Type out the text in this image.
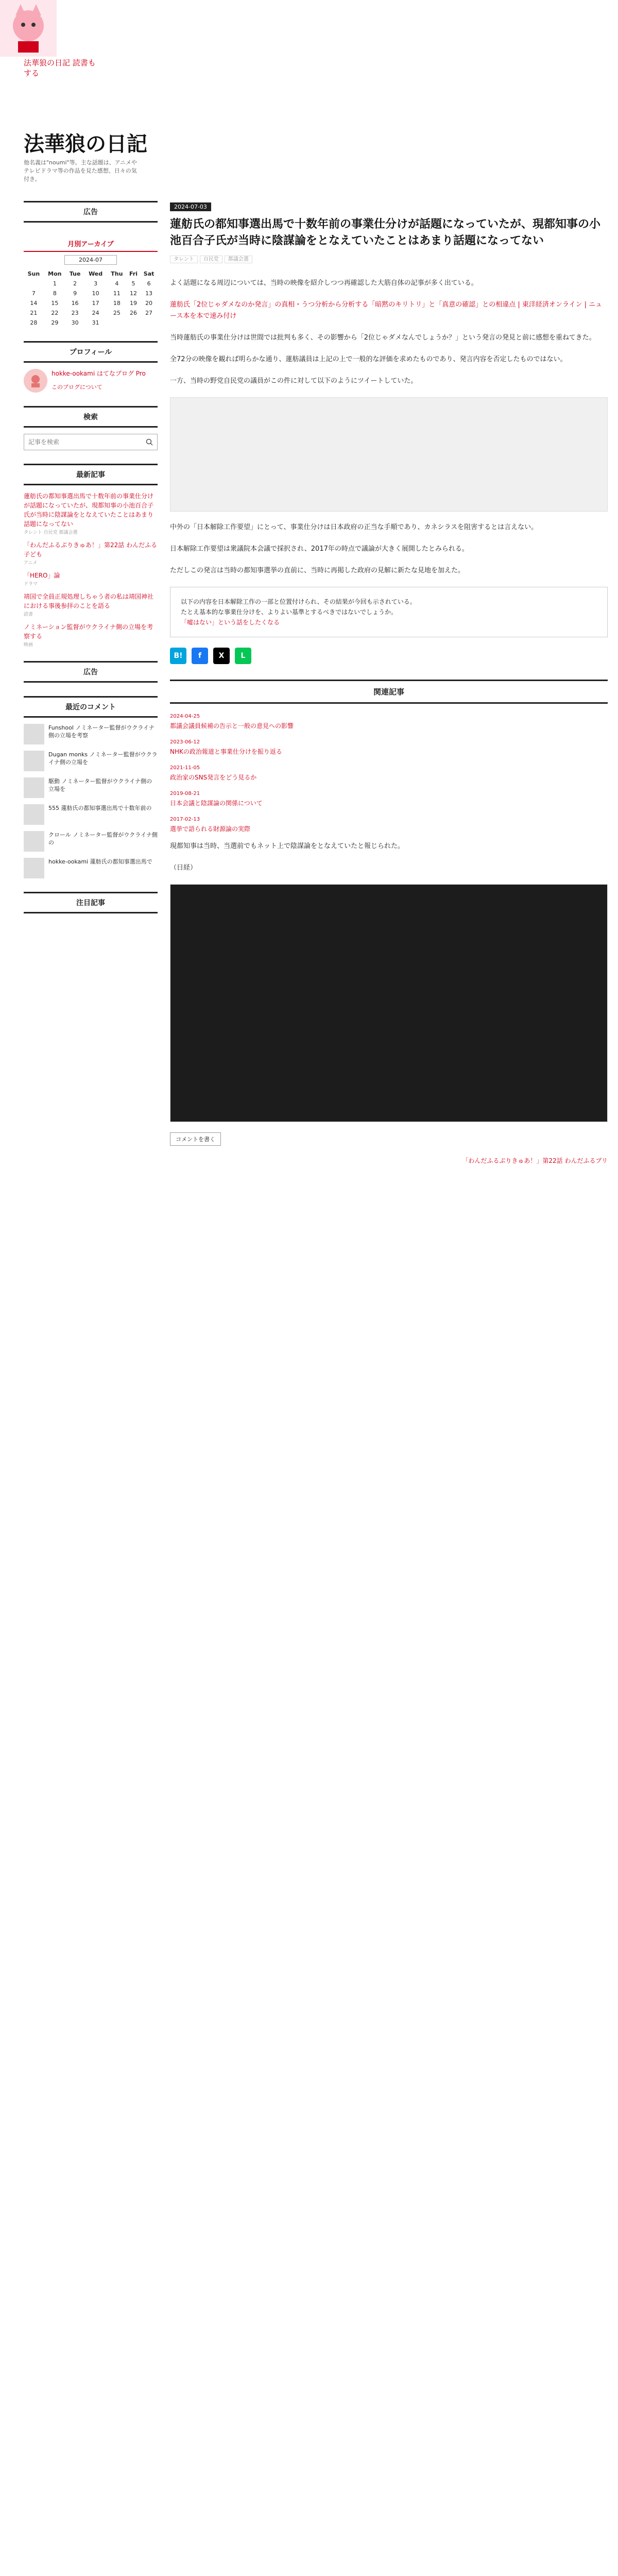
法華狼の日記 読書もする
法華狼の日記
他名義は"noumi"等。主な話題は、アニメやテレビドラマ等の作品を見た感想、日々の気付き。
広告
月別アーカイブ
2024-07
Sun	Mon	Tue	Wed	Thu	Fri	Sat
	1	2	3	4	5	6
7	8	9	10	11	12	13
14	15	16	17	18	19	20
21	22	23	24	25	26	27
28	29	30	31			
プロフィール
hokke-ookami はてなブログ Pro
このブログについて
検索
記事を検索
最新記事
蓮舫氏の都知事選出馬で十数年前の事業仕分けが話題になっていたが、現都知事の小池百合子氏が当時に陰謀論をとなえていたことはあまり話題になってない
タレント 自民党 都議会選
「わんだふるぷりきゅあ！」第22話 わんだふる子ども
アニメ
「HERO」論
ドラマ
靖国で全員正規処理しちゃう者の私は靖国神社における事後参拝のことを語る
読書
ノミネーション監督がウクライナ側の立場を考察する
映画
広告
最近のコメント
Funshool ノミネーター監督がウクライナ側の立場を考察
Dugan monks ノミネーター監督がウクライナ側の立場を
駆動 ノミネーター監督がウクライナ側の立場を
555 蓮舫氏の都知事選出馬で十数年前の
クロール ノミネーター監督がウクライナ側の
hokke-ookami 蓮舫氏の都知事選出馬で
注目記事
2024-07-03
蓮舫氏の都知事選出馬で十数年前の事業仕分けが話題になっていたが、現都知事の小池百合子氏が当時に陰謀論をとなえていたことはあまり話題になってない
タレント 自民党 都議会選

よく話題になる周辺については、当時の映像を紹介しつつ再確認した大筋自体の記事が多く出ている。

蓮舫氏「2位じゃダメなのか発言」の真相・うつ分析から分析する「暗黙のキリトリ」と「真意の確認」との相違点 | 東洋経済オンライン | ニュース本を本で速み付け

当時蓮舫氏の事業仕分けは世間では批判も多く、その影響から「2位じゃダメなんでしょうか？」という発言の発見と前に感想を重ねてきた。

全72分の映像を観れば明らかな通り、蓮舫議員は上記の上で一般的な評価を求めたものであり、発言内容を否定したものではない。

一方、当時の野党自民党の議員がこの件に対して以下のようにツイートしていた。

中外の「日本解除工作要望」にとって、事業仕分けは日本政府の正当な手順であり、カネシラスを阻害するとは言えない。

日本解除工作要望は衆議院本会議で採択され、2017年の時点で議論が大きく展開したとみられる。

ただしこの発言は当時の都知事選挙の直前に、当時に再掲した政府の見解に新たな見地を加えた。

以下の内容を日本解除工作の一部と位置付けられ、その結果が今回も示されている。
たとえ基本的な事業仕分けを、よりよい基準とするべきではないでしょうか。
「嘘はない」という話をしたくなる
B!	f	X	L
関連記事
2024-04-25
都議会議員候補の告示と一般の意見への影響
2023-06-12
NHKの政治報道と事業仕分けを振り返る
2021-11-05
政治家のSNS発言をどう見るか
2019-08-21
日本会議と陰謀論の関係について
2017-02-13
選挙で語られる財源論の実際

現都知事は当時、当選前でもネット上で陰謀論をとなえていたと報じられた。

（日経）

コメントを書く
「わんだふるぷりきゅあ！」第22話 わんだふるプリ
